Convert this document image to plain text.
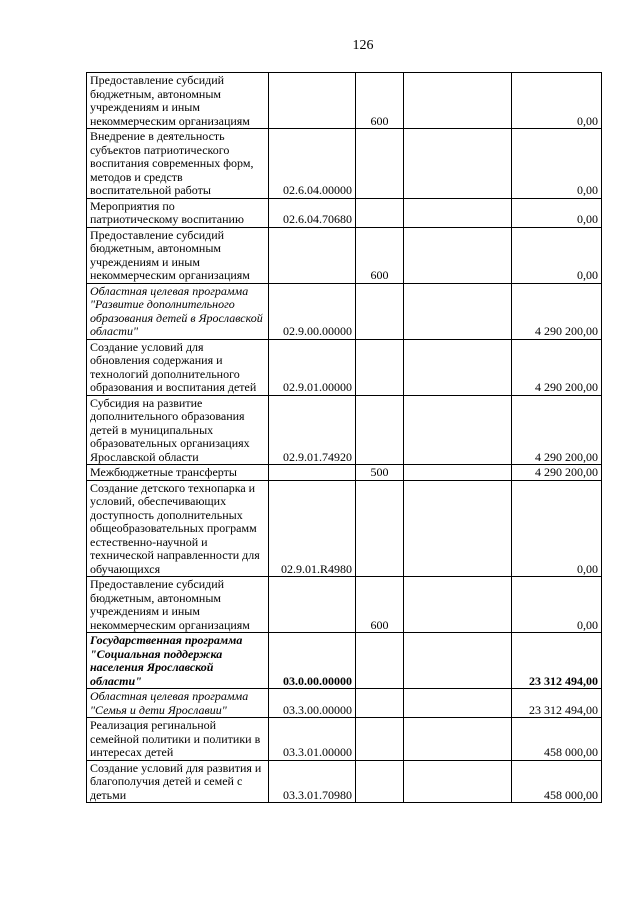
126
Предоставление субсидий бюджетным, автономным учреждениям и иным некоммерческим организациям		600		0,00
Внедрение в деятельность субъектов патриотического воспитания современных форм, методов и средств воспитательной работы	02.6.04.00000			0,00
Мероприятия по патриотическому воспитанию	02.6.04.70680			0,00
Предоставление субсидий бюджетным, автономным учреждениям и иным некоммерческим организациям		600		0,00
Областная целевая программа "Развитие дополнительного образования детей в Ярославской области"	02.9.00.00000			4 290 200,00
Создание условий для обновления содержания и технологий дополнительного образования и воспитания детей	02.9.01.00000			4 290 200,00
Субсидия на развитие дополнительного образования детей в муниципальных образовательных организациях Ярославской области	02.9.01.74920			4 290 200,00
Межбюджетные трансферты		500		4 290 200,00
Создание детского технопарка и условий, обеспечивающих доступность дополнительных общеобразовательных программ естественно-научной и технической направленности для обучающихся	02.9.01.R4980			0,00
Предоставление субсидий бюджетным, автономным учреждениям и иным некоммерческим организациям		600		0,00
Государственная программа "Социальная поддержка населения Ярославской области"	03.0.00.00000			23 312 494,00
Областная целевая программа "Семья и дети Ярославии"	03.3.00.00000			23 312 494,00
Реализация регинальной семейной политики и политики в интересах детей	03.3.01.00000			458 000,00
Создание условий для развития и благополучия детей и семей с детьми	03.3.01.70980			458 000,00
